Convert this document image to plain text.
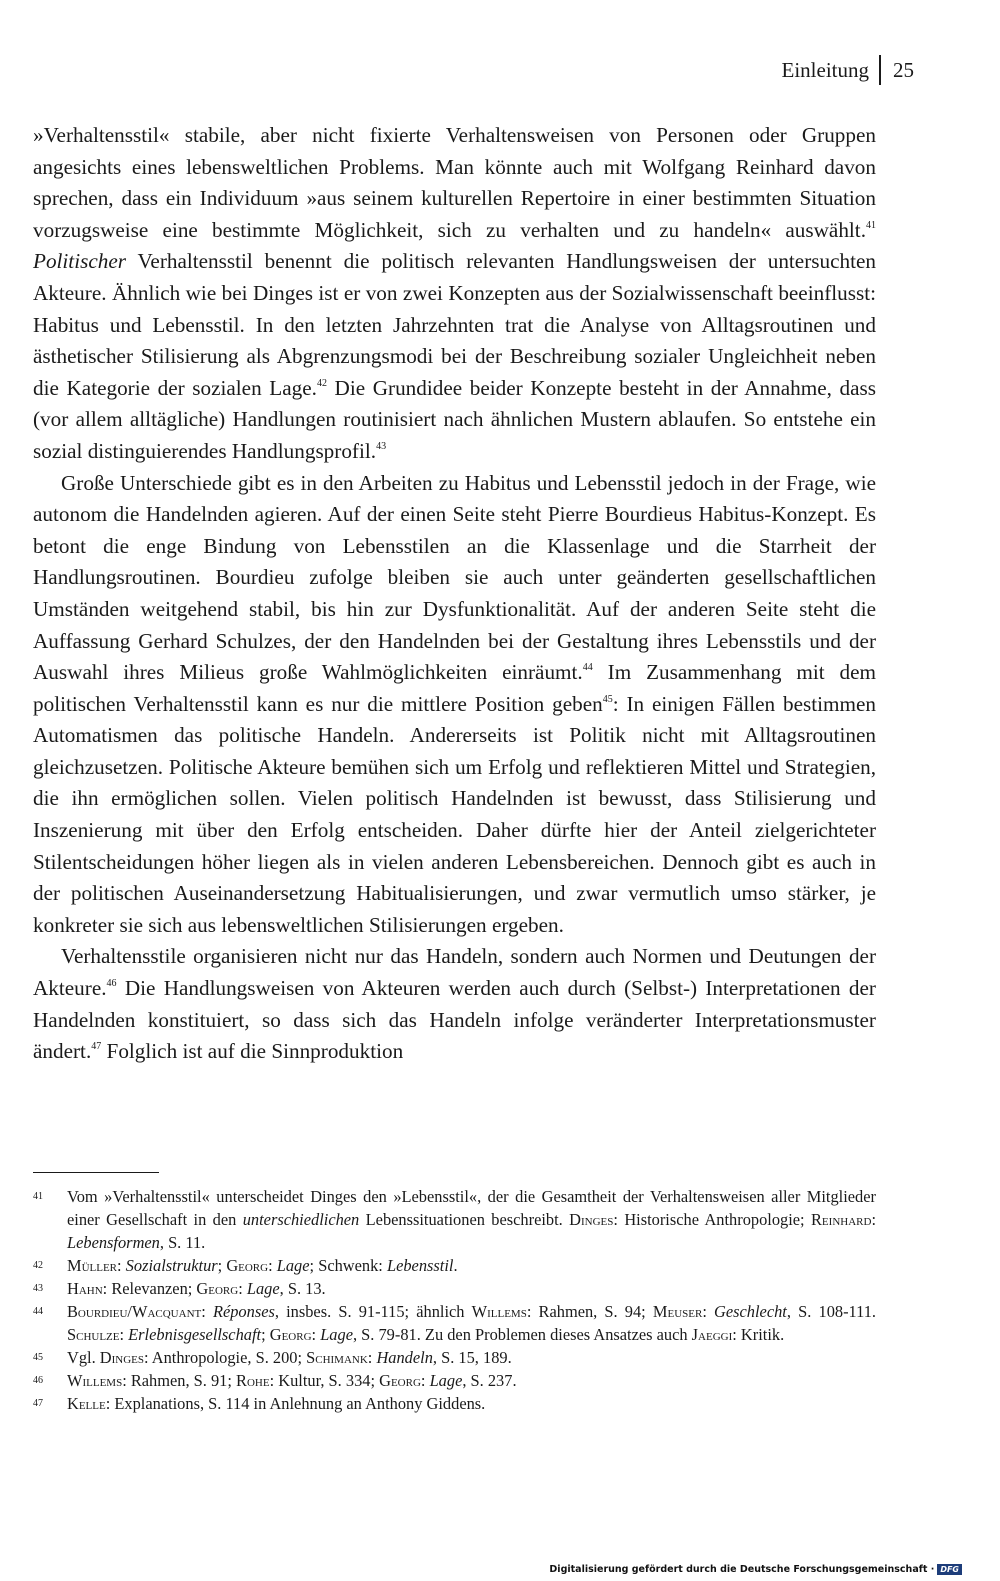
Einleitung 25

»Verhaltensstil« stabile, aber nicht fixierte Verhaltensweisen von Personen oder Gruppen angesichts eines lebensweltlichen Problems. Man könnte auch mit Wolfgang Reinhard davon sprechen, dass ein Individuum »aus seinem kulturellen Repertoire in einer bestimmten Situation vorzugsweise eine bestimmte Möglichkeit, sich zu verhalten und zu handeln« auswählt.$^{41}$ Politischer Verhaltensstil benennt die politisch relevanten Handlungsweisen der untersuchten Akteure. Ähnlich wie bei Dinges ist er von zwei Konzepten aus der Sozialwissenschaft beeinflusst: Habitus und Lebensstil. In den letzten Jahrzehnten trat die Analyse von Alltagsroutinen und ästhetischer Stilisierung als Abgrenzungsmodi bei der Beschreibung sozialer Ungleichheit neben die Kategorie der sozialen Lage.$^{42}$ Die Grundidee beider Konzepte besteht in der Annahme, dass (vor allem alltägliche) Handlungen routinisiert nach ähnlichen Mustern ablaufen. So entstehe ein sozial distinguierendes Handlungsprofil.$^{43}$

Große Unterschiede gibt es in den Arbeiten zu Habitus und Lebensstil jedoch in der Frage, wie autonom die Handelnden agieren. Auf der einen Seite steht Pierre Bourdieus Habitus-Konzept. Es betont die enge Bindung von Lebensstilen an die Klassenlage und die Starrheit der Handlungsroutinen. Bourdieu zufolge bleiben sie auch unter geänderten gesellschaftlichen Umständen weitgehend stabil, bis hin zur Dysfunktionalität. Auf der anderen Seite steht die Auffassung Gerhard Schulzes, der den Handelnden bei der Gestaltung ihres Lebensstils und der Auswahl ihres Milieus große Wahlmöglichkeiten einräumt.$^{44}$ Im Zusammenhang mit dem politischen Verhaltensstil kann es nur die mittlere Position geben$^{45}$: In einigen Fällen bestimmen Automatismen das politische Handeln. Andererseits ist Politik nicht mit Alltagsroutinen gleichzusetzen. Politische Akteure bemühen sich um Erfolg und reflektieren Mittel und Strategien, die ihn ermöglichen sollen. Vielen politisch Handelnden ist bewusst, dass Stilisierung und Inszenierung mit über den Erfolg entscheiden. Daher dürfte hier der Anteil zielgerichteter Stilentscheidungen höher liegen als in vielen anderen Lebensbereichen. Dennoch gibt es auch in der politischen Auseinandersetzung Habitualisierungen, und zwar vermutlich umso stärker, je konkreter sie sich aus lebensweltlichen Stilisierungen ergeben.

Verhaltensstile organisieren nicht nur das Handeln, sondern auch Normen und Deutungen der Akteure.$^{46}$ Die Handlungsweisen von Akteuren werden auch durch (Selbst-) Interpretationen der Handelnden konstituiert, so dass sich das Handeln infolge veränderter Interpretationsmuster ändert.$^{47}$ Folglich ist auf die Sinnproduktion

41	Vom »Verhaltensstil« unterscheidet Dinges den »Lebensstil«, der die Gesamtheit der Verhaltensweisen aller Mitglieder einer Gesellschaft in den unterschiedlichen Lebenssituationen beschreibt. Dinges: Historische Anthropologie; Reinhard: Lebensformen, S. 11.
42	Müller: Sozialstruktur; Georg: Lage; Schwenk: Lebensstil.
43	Hahn: Relevanzen; Georg: Lage, S. 13.
44	Bourdieu/Wacquant: Réponses, insbes. S. 91-115; ähnlich Willems: Rahmen, S. 94; Meuser: Geschlecht, S. 108-111. Schulze: Erlebnisgesellschaft; Georg: Lage, S. 79-81. Zu den Problemen dieses Ansatzes auch Jaeggi: Kritik.
45	Vgl. Dinges: Anthropologie, S. 200; Schimank: Handeln, S. 15, 189.
46	Willems: Rahmen, S. 91; Rohe: Kultur, S. 334; Georg: Lage, S. 237.
47	Kelle: Explanations, S. 114 in Anlehnung an Anthony Giddens.
Digitalisierung gefördert durch die Deutsche Forschungsgemeinschaft · DFG
